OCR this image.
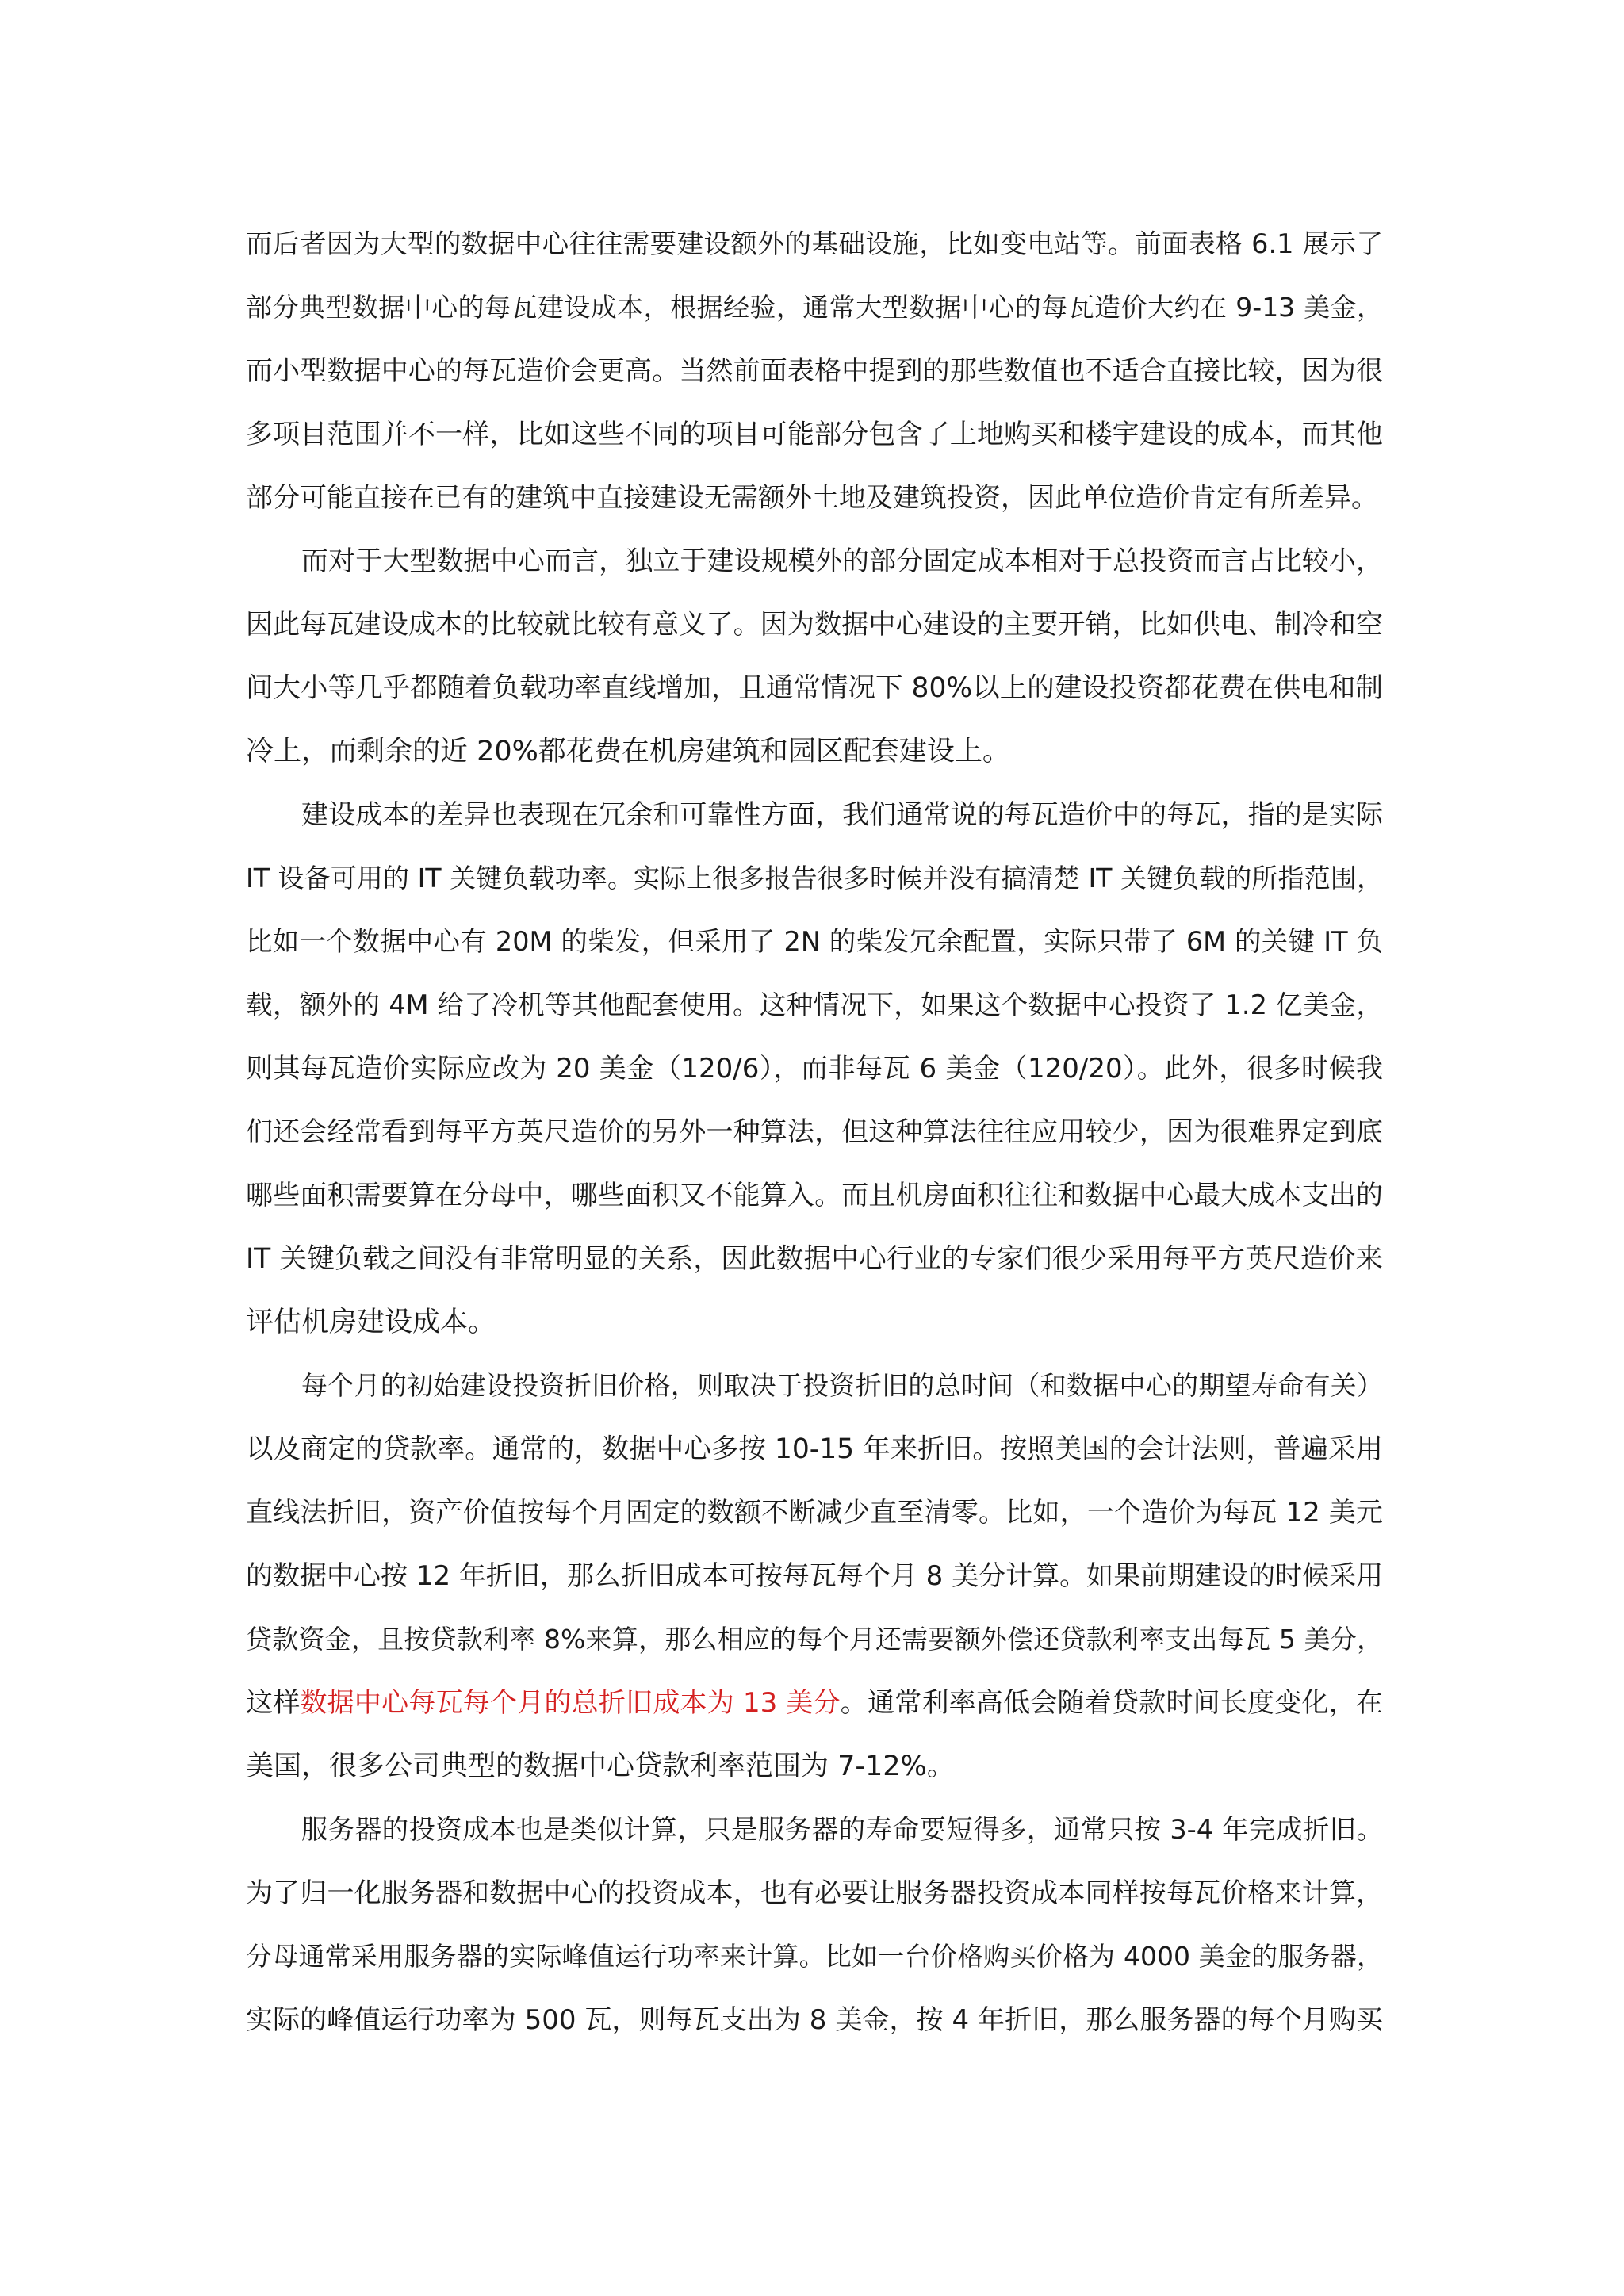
而后者因为大型的数据中心往往需要建设额外的基础设施，比如变电站等。前面表格 6.1 展示了
部分典型数据中心的每瓦建设成本，根据经验，通常大型数据中心的每瓦造价大约在 9-13 美金，
而小型数据中心的每瓦造价会更高。当然前面表格中提到的那些数值也不适合直接比较，因为很
多项目范围并不一样，比如这些不同的项目可能部分包含了土地购买和楼宇建设的成本，而其他
部分可能直接在已有的建筑中直接建设无需额外土地及建筑投资，因此单位造价肯定有所差异。
而对于大型数据中心而言，独立于建设规模外的部分固定成本相对于总投资而言占比较小，
因此每瓦建设成本的比较就比较有意义了。因为数据中心建设的主要开销，比如供电、制冷和空
间大小等几乎都随着负载功率直线增加，且通常情况下 80%以上的建设投资都花费在供电和制
冷上，而剩余的近 20%都花费在机房建筑和园区配套建设上。
建设成本的差异也表现在冗余和可靠性方面，我们通常说的每瓦造价中的每瓦，指的是实际
IT 设备可用的 IT 关键负载功率。实际上很多报告很多时候并没有搞清楚 IT 关键负载的所指范围，
比如一个数据中心有 20M 的柴发，但采用了 2N 的柴发冗余配置，实际只带了 6M 的关键 IT 负
载，额外的 4M 给了冷机等其他配套使用。这种情况下，如果这个数据中心投资了 1.2 亿美金，
则其每瓦造价实际应改为 20 美金（120/6），而非每瓦 6 美金（120/20）。此外，很多时候我
们还会经常看到每平方英尺造价的另外一种算法，但这种算法往往应用较少，因为很难界定到底
哪些面积需要算在分母中，哪些面积又不能算入。而且机房面积往往和数据中心最大成本支出的
IT 关键负载之间没有非常明显的关系，因此数据中心行业的专家们很少采用每平方英尺造价来
评估机房建设成本。
每个月的初始建设投资折旧价格，则取决于投资折旧的总时间（和数据中心的期望寿命有关）
以及商定的贷款率。通常的，数据中心多按 10-15 年来折旧。按照美国的会计法则，普遍采用
直线法折旧，资产价值按每个月固定的数额不断减少直至清零。比如，一个造价为每瓦 12 美元
的数据中心按 12 年折旧，那么折旧成本可按每瓦每个月 8 美分计算。如果前期建设的时候采用
贷款资金，且按贷款利率 8%来算，那么相应的每个月还需要额外偿还贷款利率支出每瓦 5 美分，
这样数据中心每瓦每个月的总折旧成本为 13 美分。通常利率高低会随着贷款时间长度变化，在
美国，很多公司典型的数据中心贷款利率范围为 7-12%。
服务器的投资成本也是类似计算，只是服务器的寿命要短得多，通常只按 3-4 年完成折旧。
为了归一化服务器和数据中心的投资成本，也有必要让服务器投资成本同样按每瓦价格来计算，
分母通常采用服务器的实际峰值运行功率来计算。比如一台价格购买价格为 4000 美金的服务器，
实际的峰值运行功率为 500 瓦，则每瓦支出为 8 美金，按 4 年折旧，那么服务器的每个月购买
